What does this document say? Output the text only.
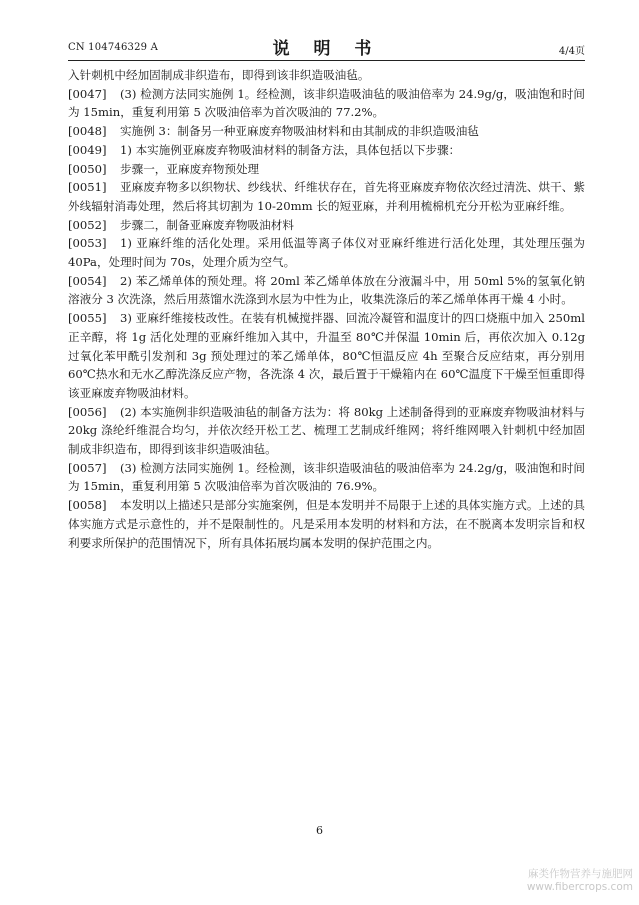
CN 104746329 A	说 明 书	4/4页

入针刺机中经加固制成非织造布，即得到该非织造吸油毡。

[0047] (3) 检测方法同实施例 1。经检测，该非织造吸油毡的吸油倍率为 24.9g/g，吸油饱和时间为 15min，重复利用第 5 次吸油倍率为首次吸油的 77.2%。

[0048] 实施例 3：制备另一种亚麻废弃物吸油材料和由其制成的非织造吸油毡

[0049] 1) 本实施例亚麻废弃物吸油材料的制备方法，具体包括以下步骤：

[0050] 步骤一，亚麻废弃物预处理

[0051] 亚麻废弃物多以织物状、纱线状、纤维状存在，首先将亚麻废弃物依次经过清洗、烘干、紫外线辐射消毒处理，然后将其切割为 10-20mm 长的短亚麻，并利用梳棉机充分开松为亚麻纤维。

[0052] 步骤二，制备亚麻废弃物吸油材料

[0053] 1) 亚麻纤维的活化处理。采用低温等离子体仪对亚麻纤维进行活化处理，其处理压强为 40Pa，处理时间为 70s，处理介质为空气。

[0054] 2) 苯乙烯单体的预处理。将 20ml 苯乙烯单体放在分液漏斗中，用 50ml 5%的氢氧化钠溶液分 3 次洗涤，然后用蒸馏水洗涤到水层为中性为止，收集洗涤后的苯乙烯单体再干燥 4 小时。

[0055] 3) 亚麻纤维接枝改性。在装有机械搅拌器、回流冷凝管和温度计的四口烧瓶中加入 250ml 正辛醇，将 1g 活化处理的亚麻纤维加入其中，升温至 80℃并保温 10min 后，再依次加入 0.12g 过氧化苯甲酰引发剂和 3g 预处理过的苯乙烯单体，80℃恒温反应 4h 至聚合反应结束，再分别用 60℃热水和无水乙醇洗涤反应产物，各洗涤 4 次，最后置于干燥箱内在 60℃温度下干燥至恒重即得该亚麻废弃物吸油材料。

[0056] (2) 本实施例非织造吸油毡的制备方法为：将 80kg 上述制备得到的亚麻废弃物吸油材料与 20kg 涤纶纤维混合均匀，并依次经开松工艺、梳理工艺制成纤维网；将纤维网喂入针刺机中经加固制成非织造布，即得到该非织造吸油毡。

[0057] (3) 检测方法同实施例 1。经检测，该非织造吸油毡的吸油倍率为 24.2g/g，吸油饱和时间为 15min，重复利用第 5 次吸油倍率为首次吸油的 76.9%。

[0058] 本发明以上描述只是部分实施案例，但是本发明并不局限于上述的具体实施方式。上述的具体实施方式是示意性的，并不是限制性的。凡是采用本发明的材料和方法，在不脱离本发明宗旨和权利要求所保护的范围情况下，所有具体拓展均属本发明的保护范围之内。

6
麻类作物营养与施肥网
www.fibercrops.com
